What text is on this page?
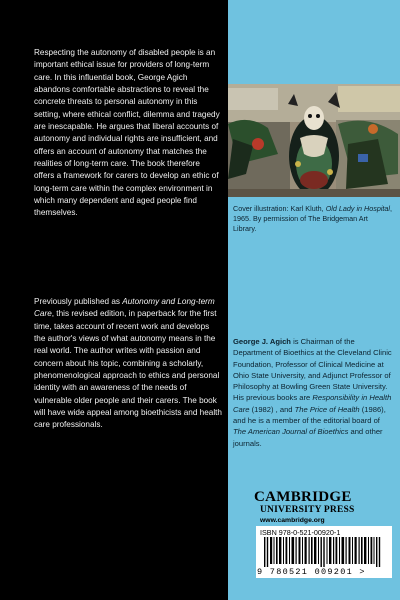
Respecting the autonomy of disabled people is an important ethical issue for providers of long-term care. In this influential book, George Agich abandons comfortable abstractions to reveal the concrete threats to personal autonomy in this setting, where ethical conflict, dilemma and tragedy are inescapable. He argues that liberal accounts of autonomy and individual rights are insufficient, and offers an account of autonomy that matches the realities of long-term care. The book therefore offers a framework for carers to develop an ethic of long-term care within the complex environment in which many dependent and aged people find themselves.

Previously published as Autonomy and Long-term Care, this revised edition, in paperback for the first time, takes account of recent work and develops the author's views of what autonomy means in the real world. The author writes with passion and concern about his topic, combining a scholarly, phenomenological approach to ethics and personal identity with an awareness of the needs of vulnerable older people and their carers. The book will have wide appeal among bioethicists and health care professionals.

Cover illustration: Karl Kluth, Old Lady in Hospital, 1965. By permission of The Bridgeman Art Library.

George J. Agich is Chairman of the Department of Bioethics at the Cleveland Clinic Foundation, Professor of Clinical Medicine at Ohio State University, and Adjunct Professor of Philosophy at Bowling Green State University. His previous books are Responsibility in Health Care (1982) , and The Price of Health (1986), and he is a member of the editorial board of The American Journal of Bioethics and other journals.

CAMBRIDGE
UNIVERSITY PRESS
www.cambridge.org
ISBN 978-0-521-00920-1
9 780521 009201 >
